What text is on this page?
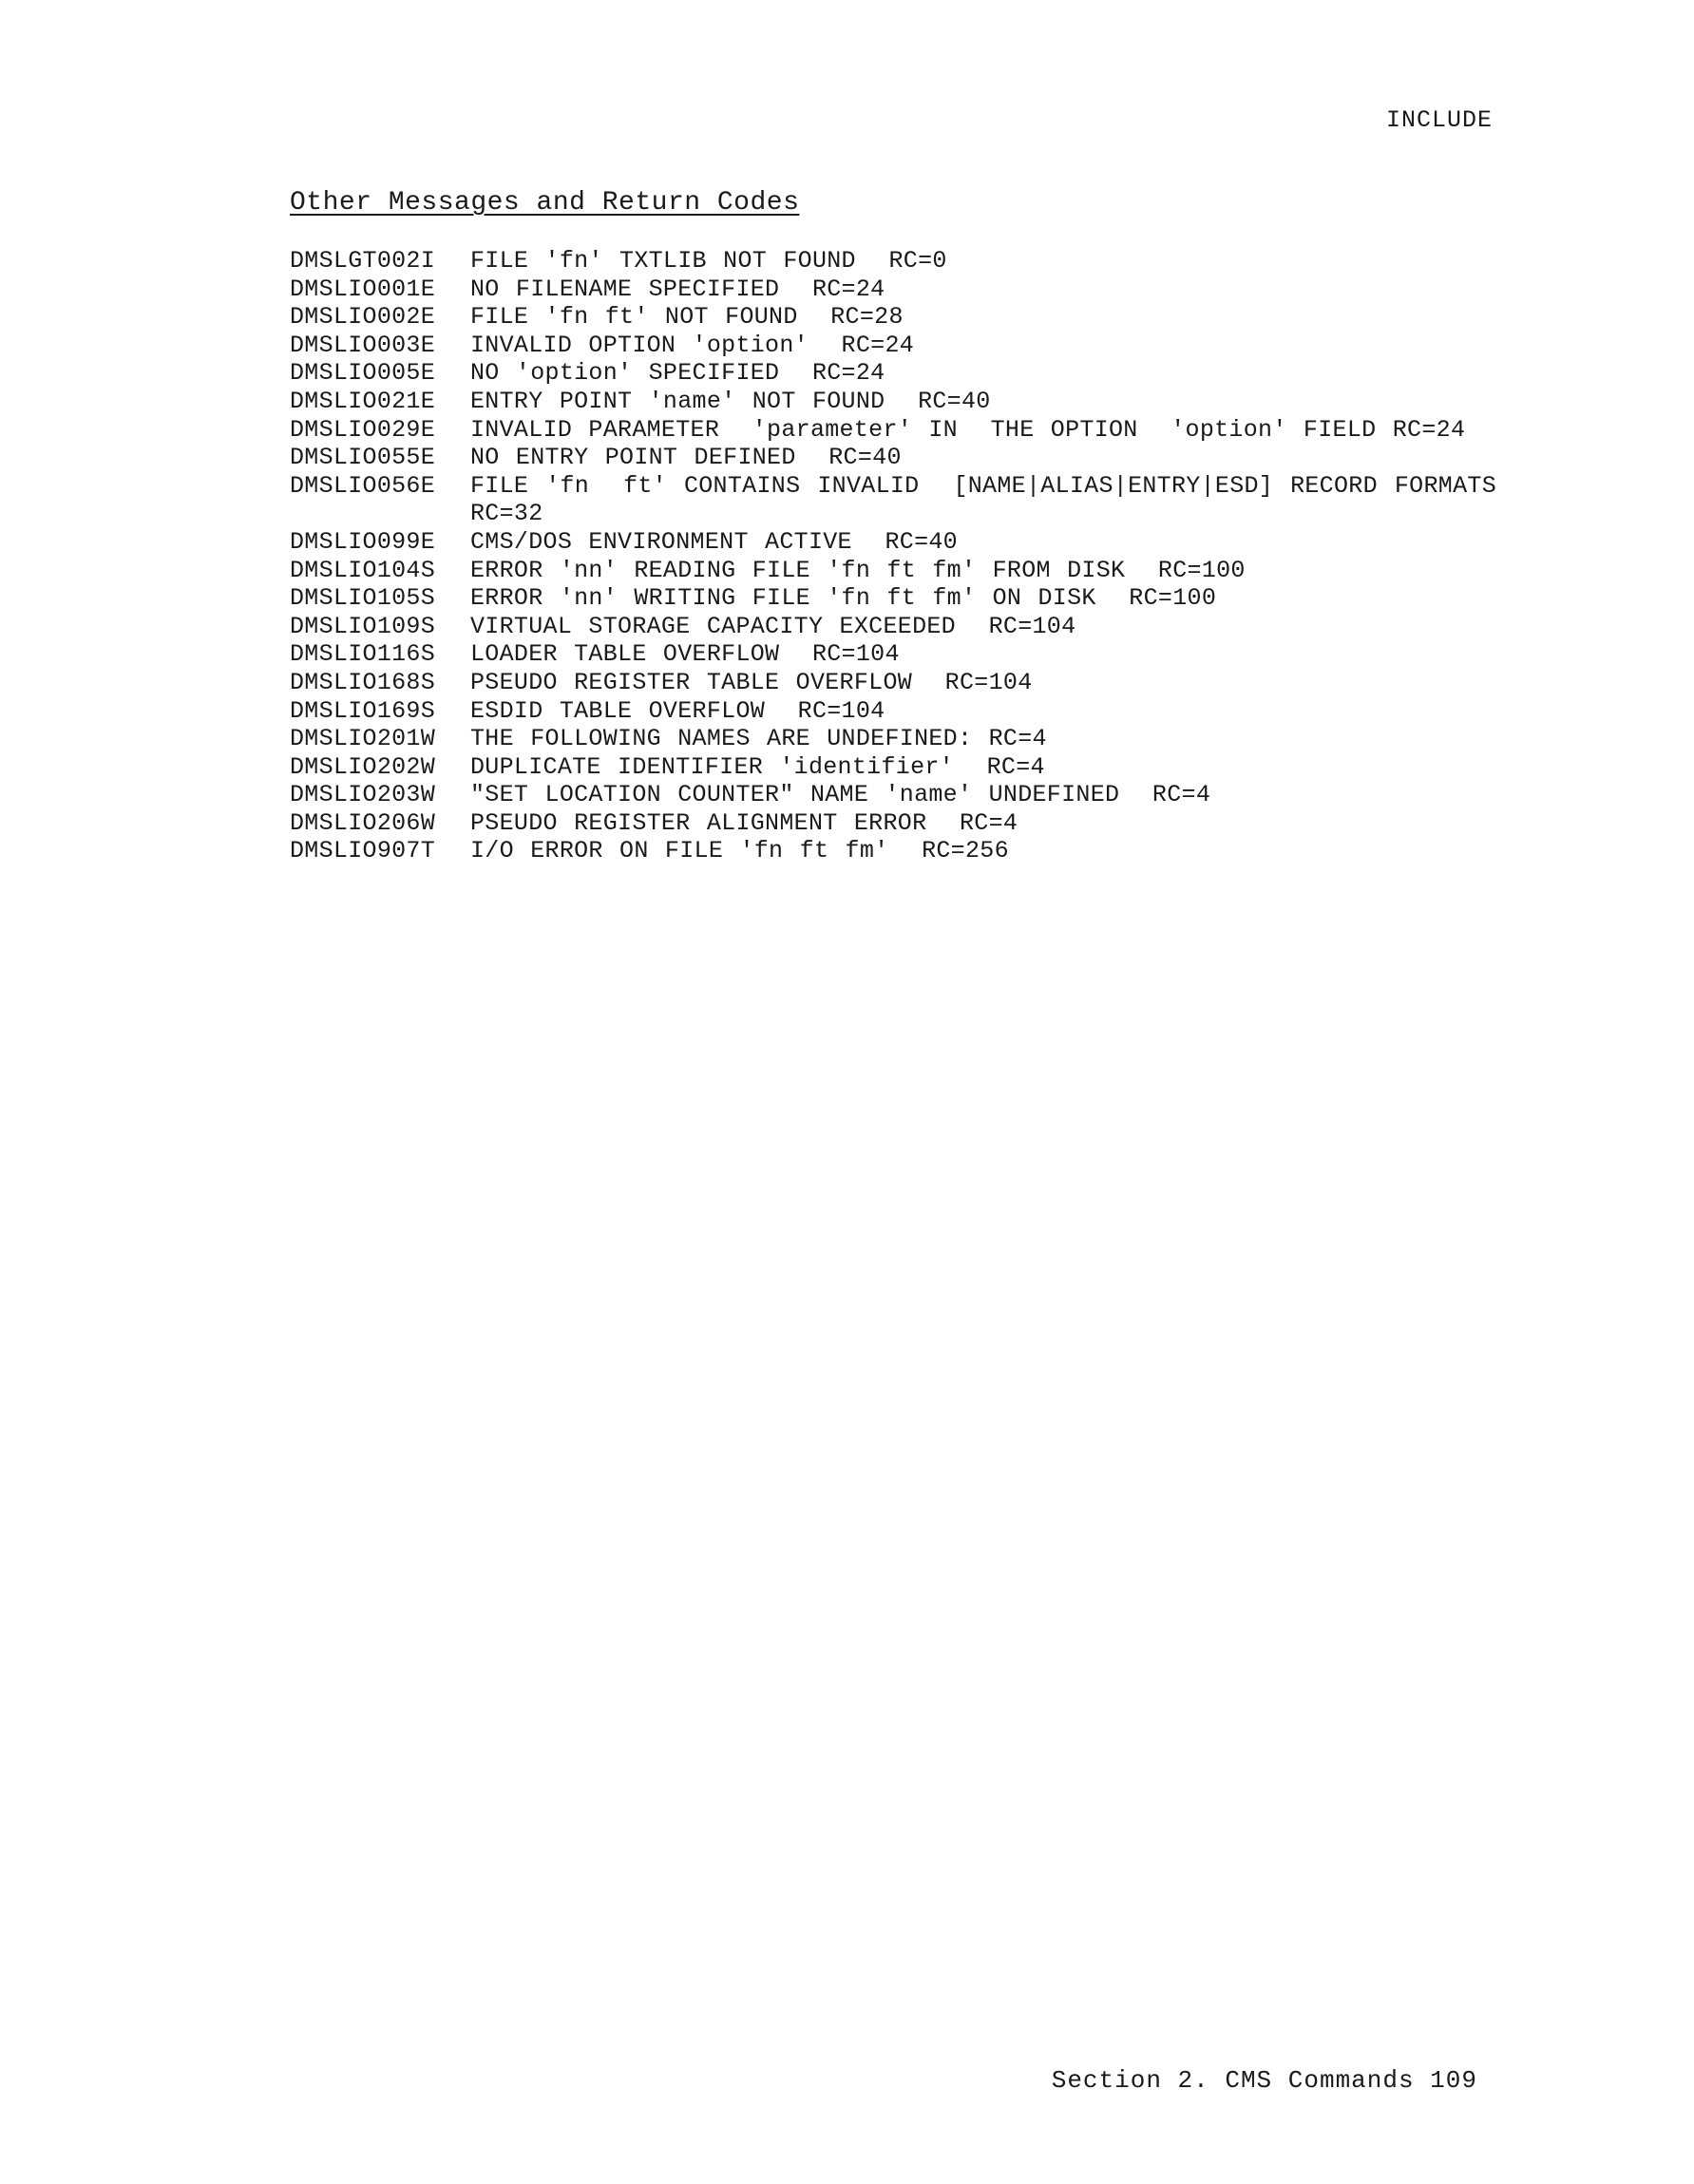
INCLUDE
Other Messages and Return Codes
DMSLGT002I	FILE 'fn' TXTLIB NOT FOUND  RC=0
DMSLIO001E	NO FILENAME SPECIFIED  RC=24
DMSLIO002E	FILE 'fn ft' NOT FOUND  RC=28
DMSLIO003E	INVALID OPTION 'option'  RC=24
DMSLIO005E	NO 'option' SPECIFIED  RC=24
DMSLIO021E	ENTRY POINT 'name' NOT FOUND  RC=40
DMSLIO029E	INVALID PARAMETER  'parameter' IN  THE OPTION  'option' FIELD RC=24
DMSLIO055E	NO ENTRY POINT DEFINED  RC=40
DMSLIO056E	FILE 'fn  ft' CONTAINS INVALID  [NAME|ALIAS|ENTRY|ESD] RECORD FORMATS  RC=32
DMSLIO099E	CMS/DOS ENVIRONMENT ACTIVE  RC=40
DMSLIO104S	ERROR 'nn' READING FILE 'fn ft fm' FROM DISK  RC=100
DMSLIO105S	ERROR 'nn' WRITING FILE 'fn ft fm' ON DISK  RC=100
DMSLIO109S	VIRTUAL STORAGE CAPACITY EXCEEDED  RC=104
DMSLIO116S	LOADER TABLE OVERFLOW  RC=104
DMSLIO168S	PSEUDO REGISTER TABLE OVERFLOW  RC=104
DMSLIO169S	ESDID TABLE OVERFLOW  RC=104
DMSLIO201W	THE FOLLOWING NAMES ARE UNDEFINED: RC=4
DMSLIO202W	DUPLICATE IDENTIFIER 'identifier'  RC=4
DMSLIO203W	"SET LOCATION COUNTER" NAME 'name' UNDEFINED  RC=4
DMSLIO206W	PSEUDO REGISTER ALIGNMENT ERROR  RC=4
DMSLIO907T	I/O ERROR ON FILE 'fn ft fm'  RC=256
Section 2. CMS Commands 109
